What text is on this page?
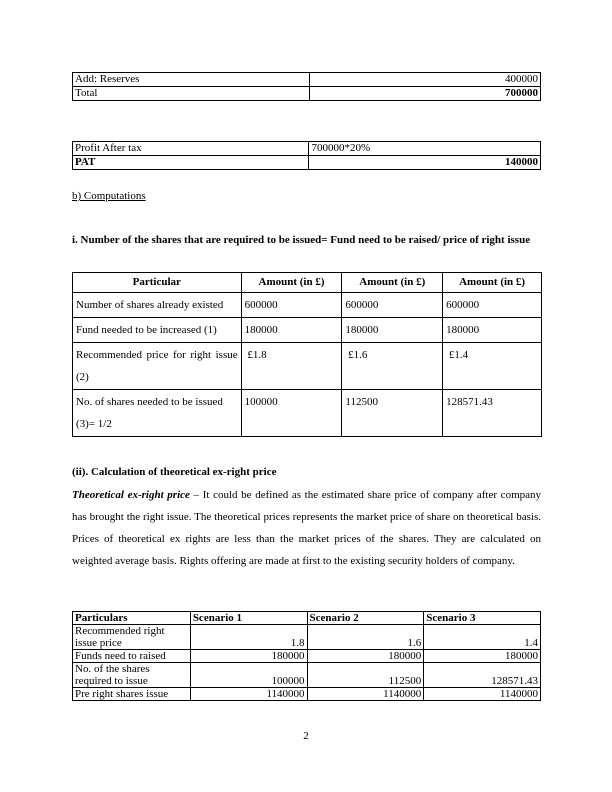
Add: Reserves	400000
Total	700000
Profit After tax	700000*20%
PAT	140000

b) Computations

i. Number of the shares that are required to be issued= Fund need to be raised/ price of right issue

Particular	Amount (in £)	Amount (in £)	Amount (in £)
Number of shares already existed	600000	600000	600000
Fund needed to be increased (1)	180000	180000	180000
Recommended price for right issue (2)	£1.8	£1.6	£1.4
No. of shares needed to be issued (3)= 1/2	100000	112500	128571.43

(ii). Calculation of theoretical ex-right price

Theoretical ex-right price – It could be defined as the estimated share price of company after company has brought the right issue. The theoretical prices represents the market price of share on theoretical basis. Prices of theoretical ex rights are less than the market prices of the shares. They are calculated on weighted average basis. Rights offering are made at first to the existing security holders of company.

Particulars	Scenario 1	Scenario 2	Scenario 3
Recommended right issue price	1.8	1.6	1.4
Funds need to raised	180000	180000	180000
No. of the shares required to issue	100000	112500	128571.43
Pre right shares issue	1140000	1140000	1140000

2
